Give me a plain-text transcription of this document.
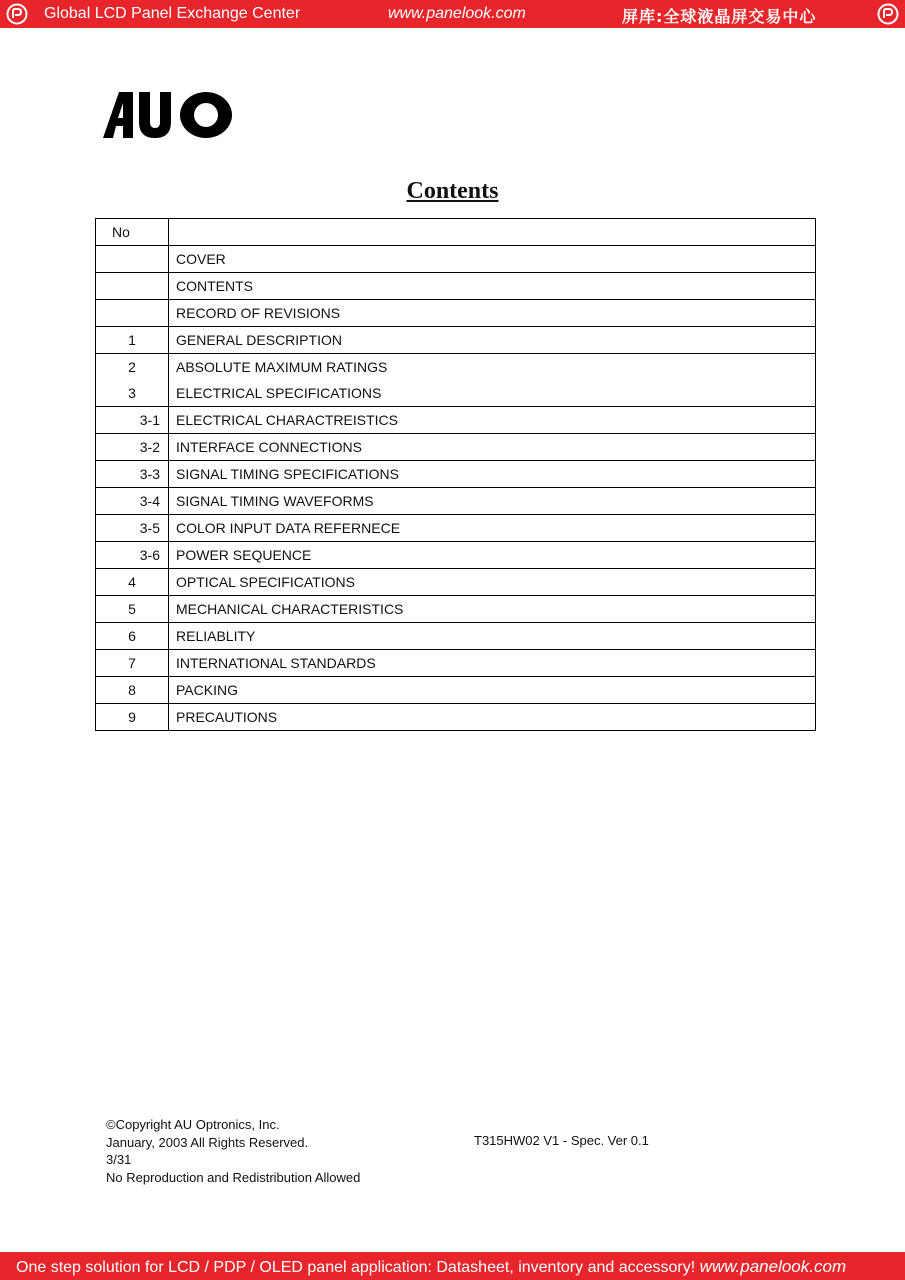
Global LCD Panel Exchange Center	www.panelook.com	屏库:全球液晶屏交易中心
Contents
No	
	COVER
	CONTENTS
	RECORD OF REVISIONS
1	GENERAL DESCRIPTION
2	ABSOLUTE MAXIMUM RATINGS
3	ELECTRICAL SPECIFICATIONS
3-1	ELECTRICAL CHARACTREISTICS
3-2	INTERFACE CONNECTIONS
3-3	SIGNAL TIMING SPECIFICATIONS
3-4	SIGNAL TIMING WAVEFORMS
3-5	COLOR INPUT DATA REFERNECE
3-6	POWER SEQUENCE
4	OPTICAL SPECIFICATIONS
5	MECHANICAL CHARACTERISTICS
6	RELIABLITY
7	INTERNATIONAL STANDARDS
8	PACKING
9	PRECAUTIONS
©Copyright AU Optronics, Inc.
January, 2003 All Rights Reserved.
3/31
No Reproduction and Redistribution Allowed
T315HW02 V1 - Spec. Ver 0.1
One step solution for LCD / PDP / OLED panel application: Datasheet, inventory and accessory! www.panelook.com
